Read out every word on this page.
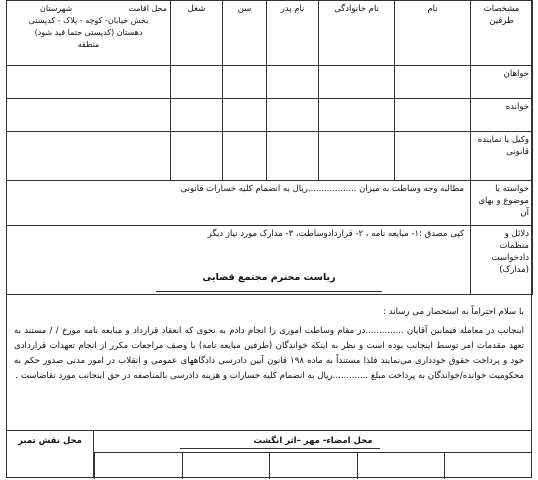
مشخصات طرفین	نام	نام خانوادگی	نام پدر	سن	شغل	محل اقامت
شهرستان
بخش خیابان- کوچه - پلاک - کدپستی
دهستان (کدپستی حتما قید شود)
منطقه

خواهان						
خوانده						
وکیل یا نماینده قانونی						
خواسته یا موضوع و بهای آن	مطالبه وجه وساطت به میزان ..................ریال به انضمام کلیه خسارات قانونی					
دلائل و منظمات دادخواست (مدارک)	کپی مصدق :۱- مبایعه نامه ، ۲- قراردادوساطت، ۳- مدارک مورد نیاز دیگر					
ریاست محترم مجتمع قضایی

با سلام احتراماً به استحضار می رساند :

اینجانب در معامله فیمابین آقایان ..............در مقام وساطت اموری را انجام دادم به نحوی که انعقاد قرارداد و مبایعه نامه مورخ / / مستند به تعهد مقدمات امر توسط اینجانب بوده است و نظر به اینکه خواندگان (طرفین مبایعه نامه) با وصف مراجعات مکرر از انجام تعهدات قراردادی خود و پرداخت حقوق خودداری می‌نمایند فلذا مستنداً به ماده ۱۹۸ قانون آیین دادرسی دادگاههای عمومی و انقلاب در امور مدنی صدور حکم به محکومیت خوانده/خواندگان به پرداخت مبلغ .............ریال به انضمام کلیه خسارات و هزینه دادرسی بالمناصفه در حق اینجانب مورد تقاضاست .

محل نقش تمبر	محل امضاء- مهر –اثر انگشت
